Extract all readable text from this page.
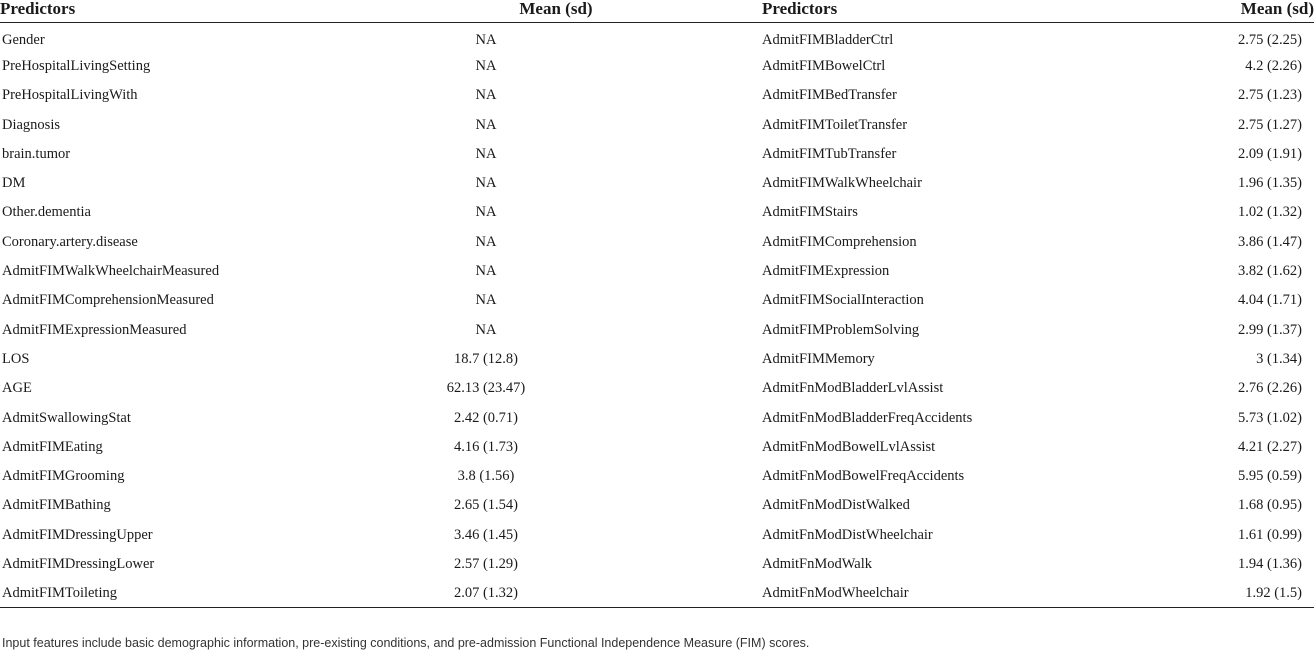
Predictors	Mean (sd)	Predictors	Mean (sd)
Gender	NA	AdmitFIMBladderCtrl	2.75 (2.25)
PreHospitalLivingSetting	NA	AdmitFIMBowelCtrl	4.2 (2.26)
PreHospitalLivingWith	NA	AdmitFIMBedTransfer	2.75 (1.23)
Diagnosis	NA	AdmitFIMToiletTransfer	2.75 (1.27)
brain.tumor	NA	AdmitFIMTubTransfer	2.09 (1.91)
DM	NA	AdmitFIMWalkWheelchair	1.96 (1.35)
Other.dementia	NA	AdmitFIMStairs	1.02 (1.32)
Coronary.artery.disease	NA	AdmitFIMComprehension	3.86 (1.47)
AdmitFIMWalkWheelchairMeasured	NA	AdmitFIMExpression	3.82 (1.62)
AdmitFIMComprehensionMeasured	NA	AdmitFIMSocialInteraction	4.04 (1.71)
AdmitFIMExpressionMeasured	NA	AdmitFIMProblemSolving	2.99 (1.37)
LOS	18.7 (12.8)	AdmitFIMMemory	3 (1.34)
AGE	62.13 (23.47)	AdmitFnModBladderLvlAssist	2.76 (2.26)
AdmitSwallowingStat	2.42 (0.71)	AdmitFnModBladderFreqAccidents	5.73 (1.02)
AdmitFIMEating	4.16 (1.73)	AdmitFnModBowelLvlAssist	4.21 (2.27)
AdmitFIMGrooming	3.8 (1.56)	AdmitFnModBowelFreqAccidents	5.95 (0.59)
AdmitFIMBathing	2.65 (1.54)	AdmitFnModDistWalked	1.68 (0.95)
AdmitFIMDressingUpper	3.46 (1.45)	AdmitFnModDistWheelchair	1.61 (0.99)
AdmitFIMDressingLower	2.57 (1.29)	AdmitFnModWalk	1.94 (1.36)
AdmitFIMToileting	2.07 (1.32)	AdmitFnModWheelchair	1.92 (1.5)
Input features include basic demographic information, pre-existing conditions, and pre-admission Functional Independence Measure (FIM) scores.
